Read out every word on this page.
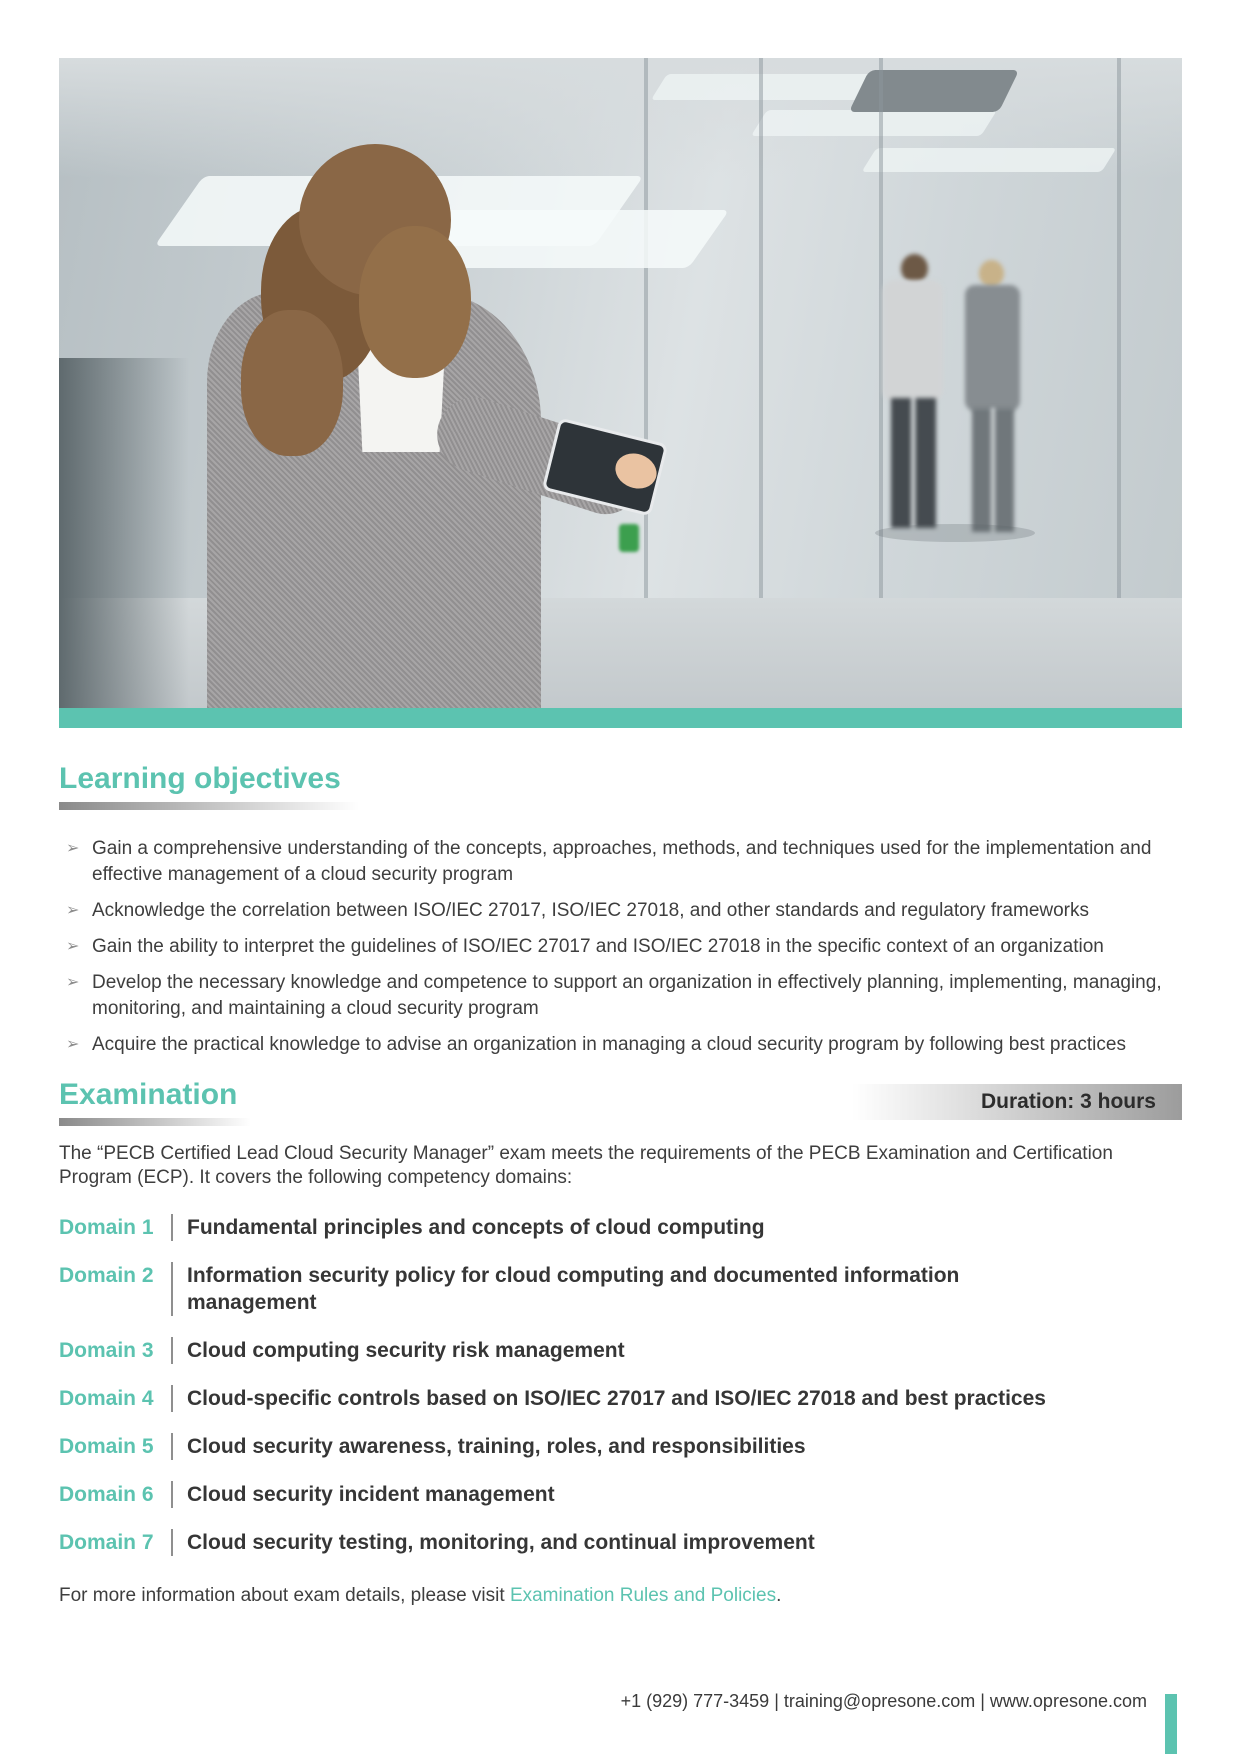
Learning objectives
➢ Gain a comprehensive understanding of the concepts, approaches, methods, and techniques used for the implementation and effective management of a cloud security program
➢ Acknowledge the correlation between ISO/IEC 27017, ISO/IEC 27018, and other standards and regulatory frameworks
➢ Gain the ability to interpret the guidelines of ISO/IEC 27017 and ISO/IEC 27018 in the specific context of an organization
➢ Develop the necessary knowledge and competence to support an organization in effectively planning, implementing, managing, monitoring, and maintaining a cloud security program
➢ Acquire the practical knowledge to advise an organization in managing a cloud security program by following best practices
Examination	Duration: 3 hours

The “PECB Certified Lead Cloud Security Manager” exam meets the requirements of the PECB Examination and Certification Program (ECP). It covers the following competency domains:

Domain 1	Fundamental principles and concepts of cloud computing
Domain 2	Information security policy for cloud computing and documented information management
Domain 3	Cloud computing security risk management
Domain 4	Cloud-specific controls based on ISO/IEC 27017 and ISO/IEC 27018 and best practices
Domain 5	Cloud security awareness, training, roles, and responsibilities
Domain 6	Cloud security incident management
Domain 7	Cloud security testing, monitoring, and continual improvement

For more information about exam details, please visit Examination Rules and Policies.

+1 (929) 777-3459 | training@opresone.com | www.opresone.com
